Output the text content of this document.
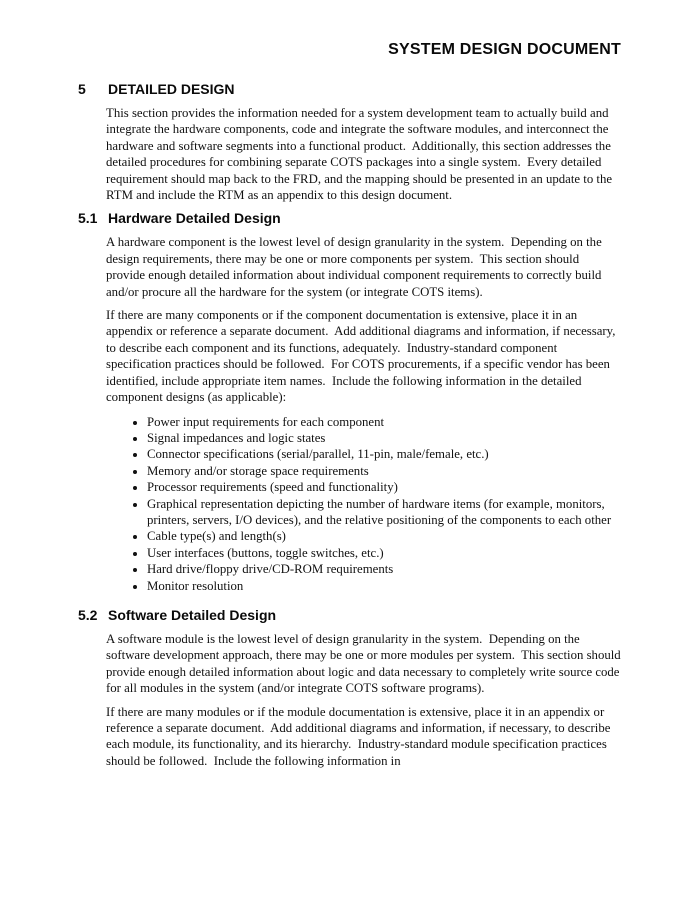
SYSTEM DESIGN DOCUMENT
5	DETAILED DESIGN

This section provides the information needed for a system development team to actually build and integrate the hardware components, code and integrate the software modules, and interconnect the hardware and software segments into a functional product.  Additionally, this section addresses the detailed procedures for combining separate COTS packages into a single system.  Every detailed requirement should map back to the FRD, and the mapping should be presented in an update to the RTM and include the RTM as an appendix to this design document.

5.1 Hardware Detailed Design

A hardware component is the lowest level of design granularity in the system.  Depending on the design requirements, there may be one or more components per system.  This section should provide enough detailed information about individual component requirements to correctly build and/or procure all the hardware for the system (or integrate COTS items).

If there are many components or if the component documentation is extensive, place it in an appendix or reference a separate document.  Add additional diagrams and information, if necessary, to describe each component and its functions, adequately.  Industry-standard component specification practices should be followed.  For COTS procurements, if a specific vendor has been identified, include appropriate item names.  Include the following information in the detailed component designs (as applicable):

• Power input requirements for each component
• Signal impedances and logic states
• Connector specifications (serial/parallel, 11-pin, male/female, etc.)
• Memory and/or storage space requirements
• Processor requirements (speed and functionality)
• Graphical representation depicting the number of hardware items (for example, monitors, printers, servers, I/O devices), and the relative positioning of the components to each other
• Cable type(s) and length(s)
• User interfaces (buttons, toggle switches, etc.)
• Hard drive/floppy drive/CD-ROM requirements
• Monitor resolution
5.2 Software Detailed Design

A software module is the lowest level of design granularity in the system.  Depending on the software development approach, there may be one or more modules per system.  This section should provide enough detailed information about logic and data necessary to completely write source code for all modules in the system (and/or integrate COTS software programs).

If there are many modules or if the module documentation is extensive, place it in an appendix or reference a separate document.  Add additional diagrams and information, if necessary, to describe each module, its functionality, and its hierarchy.  Industry-standard module specification practices should be followed.  Include the following information in
